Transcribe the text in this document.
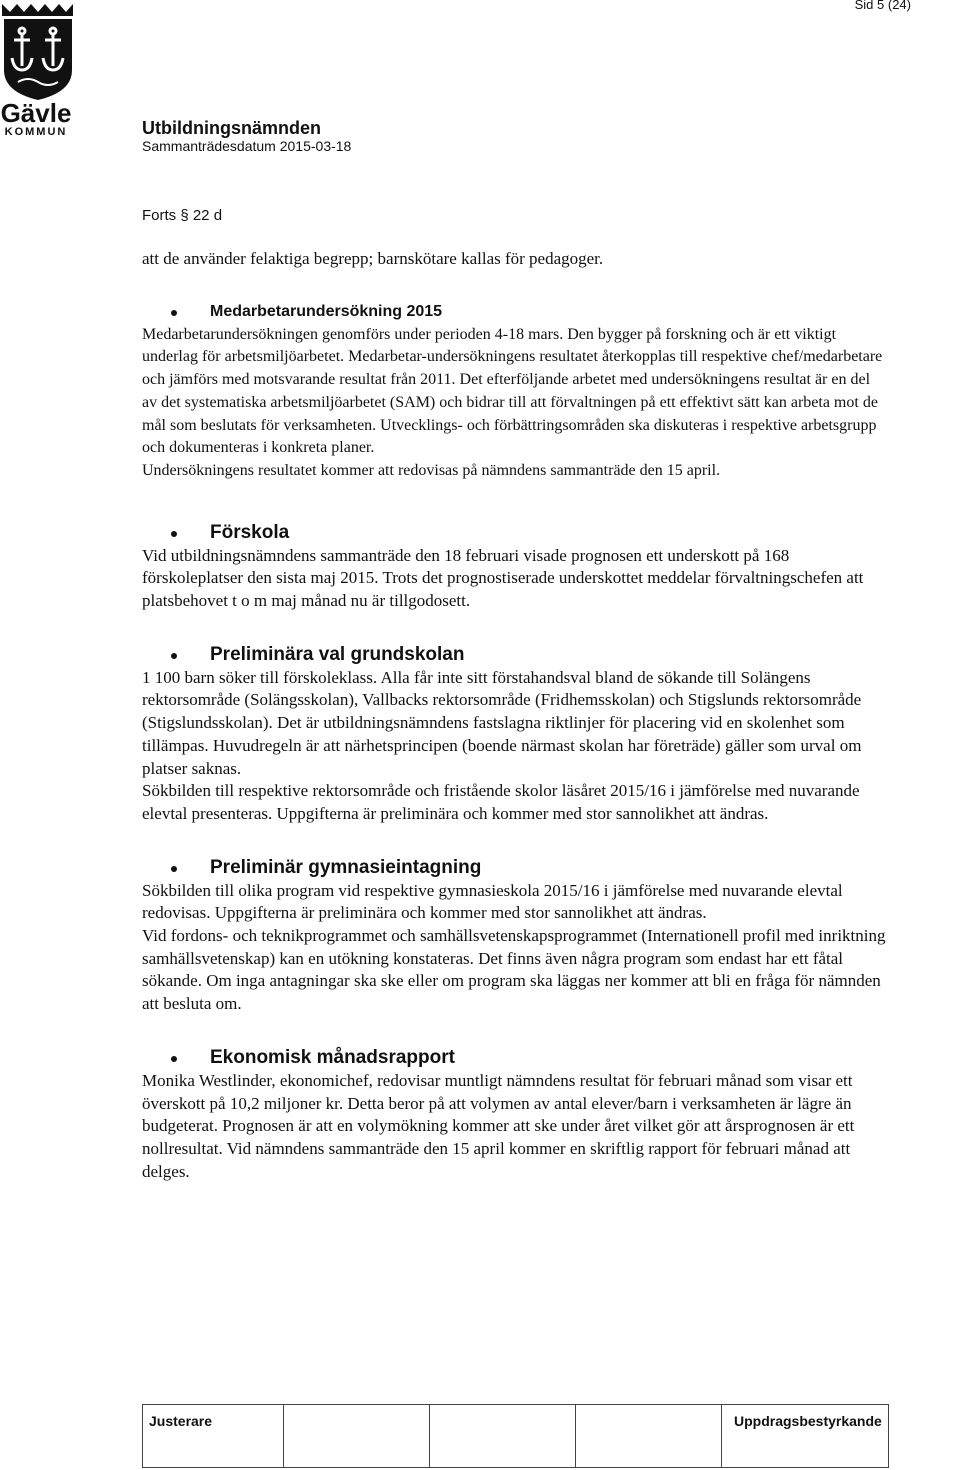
Gävle
KOMMUN
Sid 5 (24)
Utbildningsnämnden
Sammanträdesdatum 2015-03-18
Forts § 22 d

att de använder felaktiga begrepp; barnskötare kallas för pedagoger.

Medarbetarundersökning 2015

Medarbetarundersökningen genomförs under perioden 4-18 mars. Den bygger på forskning och är ett viktigt underlag för arbetsmiljöarbetet. Medarbetar-undersökningens resultatet återkopplas till respektive chef/medarbetare och jämförs med motsvarande resultat från 2011. Det efterföljande arbetet med undersökningens resultat är en del av det systematiska arbetsmiljöarbetet (SAM) och bidrar till att förvaltningen på ett effektivt sätt kan arbeta mot de mål som beslutats för verksamheten. Utvecklings- och förbättringsområden ska diskuteras i respektive arbetsgrupp och dokumenteras i konkreta planer.

Undersökningens resultatet kommer att redovisas på nämndens sammanträde den 15 april.

Förskola

Vid utbildningsnämndens sammanträde den 18 februari visade prognosen ett underskott på 168 förskoleplatser den sista maj 2015. Trots det prognostiserade underskottet meddelar förvaltningschefen att platsbehovet t o m maj månad nu är tillgodosett.

Preliminära val grundskolan

1 100 barn söker till förskoleklass. Alla får inte sitt förstahandsval bland de sökande till Solängens rektorsområde (Solängsskolan), Vallbacks rektorsområde (Fridhemsskolan) och Stigslunds rektorsområde (Stigslundsskolan). Det är utbildningsnämndens fastslagna riktlinjer för placering vid en skolenhet som tillämpas. Huvudregeln är att närhetsprincipen (boende närmast skolan har företräde) gäller som urval om platser saknas.

Sökbilden till respektive rektorsområde och fristående skolor läsåret 2015/16 i jämförelse med nuvarande elevtal presenteras. Uppgifterna är preliminära och kommer med stor sannolikhet att ändras.

Preliminär gymnasieintagning

Sökbilden till olika program vid respektive gymnasieskola 2015/16 i jämförelse med nuvarande elevtal redovisas. Uppgifterna är preliminära och kommer med stor sannolikhet att ändras.

Vid fordons- och teknikprogrammet och samhällsvetenskapsprogrammet (Internationell profil med inriktning samhällsvetenskap) kan en utökning konstateras. Det finns även några program som endast har ett fåtal sökande. Om inga antagningar ska ske eller om program ska läggas ner kommer att bli en fråga för nämnden att besluta om.

Ekonomisk månadsrapport

Monika Westlinder, ekonomichef, redovisar muntligt nämndens resultat för februari månad som visar ett överskott på 10,2 miljoner kr. Detta beror på att volymen av antal elever/barn i verksamheten är lägre än budgeterat. Prognosen är att en volymökning kommer att ske under året vilket gör att årsprognosen är ett nollresultat. Vid nämndens sammanträde den 15 april kommer en skriftlig rapport för februari månad att delges.

Justerare	Uppdragsbestyrkande
